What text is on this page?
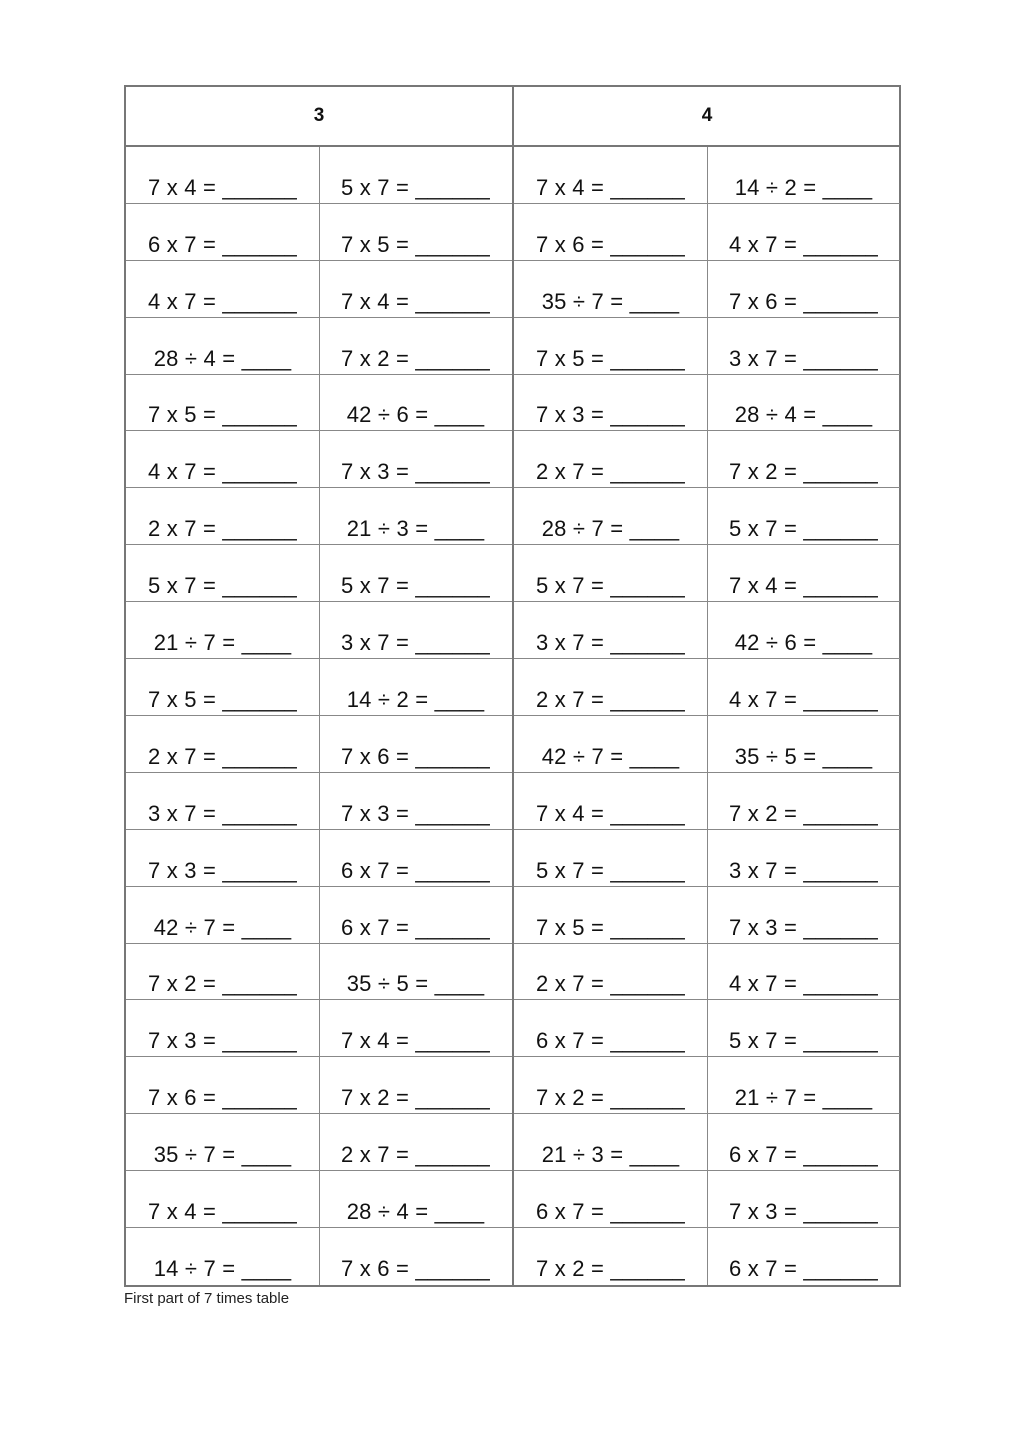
3
7 x 4 = ______	5 x 7 = ______
6 x 7 = ______	7 x 5 = ______
4 x 7 = ______	7 x 4 = ______
28 ÷ 4 = ____	7 x 2 = ______
7 x 5 = ______	42 ÷ 6 = ____
4 x 7 = ______	7 x 3 = ______
2 x 7 = ______	21 ÷ 3 = ____
5 x 7 = ______	5 x 7 = ______
21 ÷ 7 = ____	3 x 7 = ______
7 x 5 = ______	14 ÷ 2 = ____
2 x 7 = ______	7 x 6 = ______
3 x 7 = ______	7 x 3 = ______
7 x 3 = ______	6 x 7 = ______
42 ÷ 7 = ____	6 x 7 = ______
7 x 2 = ______	35 ÷ 5 = ____
7 x 3 = ______	7 x 4 = ______
7 x 6 = ______	7 x 2 = ______
35 ÷ 7 = ____	2 x 7 = ______
7 x 4 = ______	28 ÷ 4 = ____
14 ÷ 7 = ____	7 x 6 = ______
4
7 x 4 = ______	14 ÷ 2 = ____
7 x 6 = ______	4 x 7 = ______
35 ÷ 7 = ____	7 x 6 = ______
7 x 5 = ______	3 x 7 = ______
7 x 3 = ______	28 ÷ 4 = ____
2 x 7 = ______	7 x 2 = ______
28 ÷ 7 = ____	5 x 7 = ______
5 x 7 = ______	7 x 4 = ______
3 x 7 = ______	42 ÷ 6 = ____
2 x 7 = ______	4 x 7 = ______
42 ÷ 7 = ____	35 ÷ 5 = ____
7 x 4 = ______	7 x 2 = ______
5 x 7 = ______	3 x 7 = ______
7 x 5 = ______	7 x 3 = ______
2 x 7 = ______	4 x 7 = ______
6 x 7 = ______	5 x 7 = ______
7 x 2 = ______	21 ÷ 7 = ____
21 ÷ 3 = ____	6 x 7 = ______
6 x 7 = ______	7 x 3 = ______
7 x 2 = ______	6 x 7 = ______
First part of 7 times table
